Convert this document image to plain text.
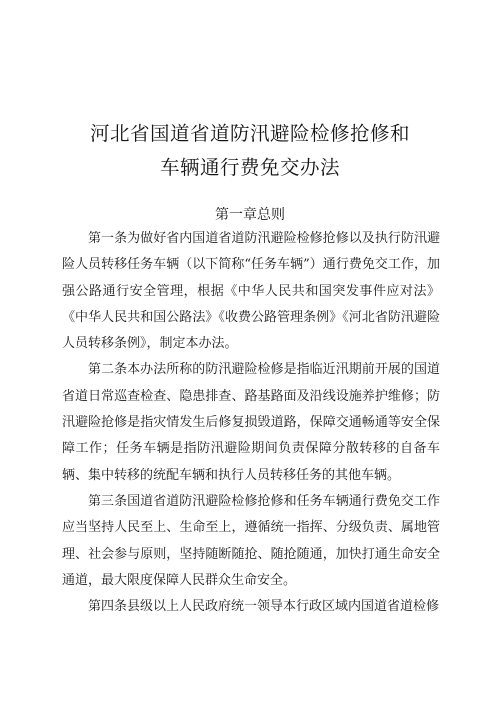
河北省国道省道防汛避险检修抢修和
车辆通行费免交办法
第一章总则

第一条为做好省内国道省道防汛避险检修抢修以及执行防汛避险人员转移任务车辆（以下简称“任务车辆”）通行费免交工作，加强公路通行安全管理，根据《中华人民共和国突发事件应对法》《中华人民共和国公路法》《收费公路管理条例》《河北省防汛避险人员转移条例》，制定本办法。

第二条本办法所称的防汛避险检修是指临近汛期前开展的国道省道日常巡查检查、隐患排查、路基路面及沿线设施养护维修；防汛避险抢修是指灾情发生后修复损毁道路，保障交通畅通等安全保障工作；任务车辆是指防汛避险期间负责保障分散转移的自备车辆、集中转移的统配车辆和执行人员转移任务的其他车辆。

第三条国道省道防汛避险检修抢修和任务车辆通行费免交工作应当坚持人民至上、生命至上，遵循统一指挥、分级负责、属地管理、社会参与原则，坚持随断随抢、随抢随通，加快打通生命安全通道，最大限度保障人民群众生命安全。

第四条县级以上人民政府统一领导本行政区域内国道省道检修
